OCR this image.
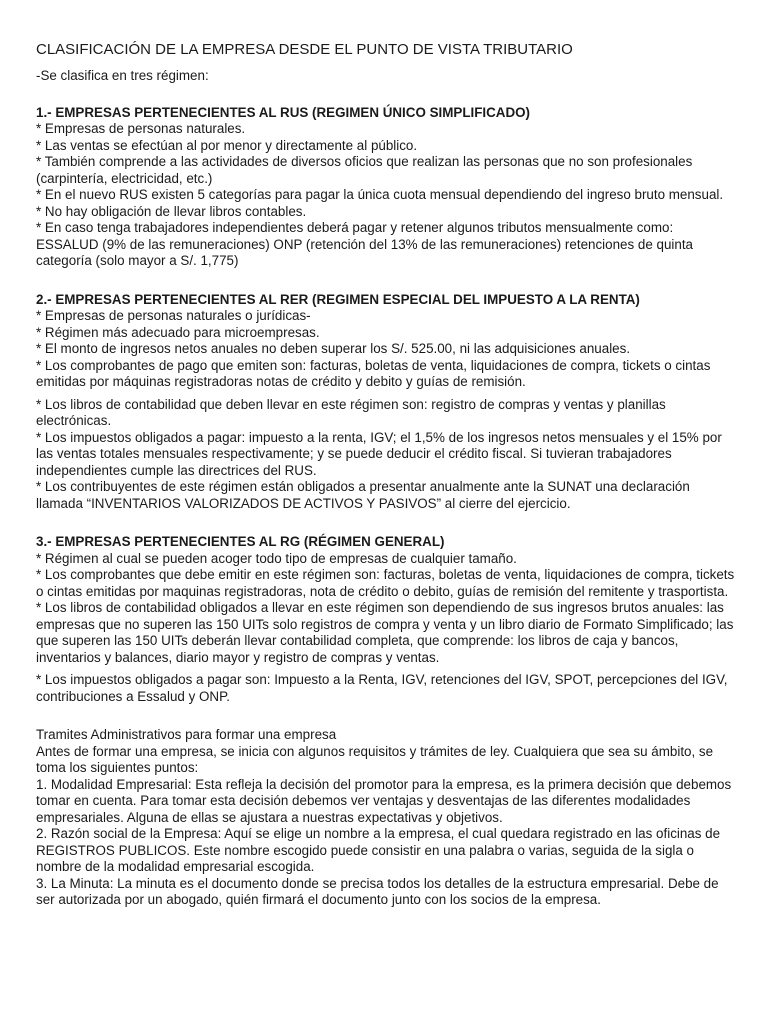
CLASIFICACIÓN DE LA EMPRESA DESDE EL PUNTO DE VISTA TRIBUTARIO

-Se clasifica en tres régimen:

1.- EMPRESAS PERTENECIENTES AL RUS (REGIMEN ÚNICO SIMPLIFICADO)

* Empresas de personas naturales.

* Las ventas se efectúan al por menor y directamente al público.

* También comprende a las actividades de diversos oficios que realizan las personas que no son profesionales (carpintería, electricidad, etc.)

* En el nuevo RUS existen 5 categorías para pagar la única cuota mensual dependiendo del ingreso bruto mensual.

* No hay obligación de llevar libros contables.

* En caso tenga trabajadores independientes deberá pagar y retener algunos tributos mensualmente como: ESSALUD (9% de las remuneraciones) ONP (retención del 13% de las remuneraciones) retenciones de quinta categoría (solo mayor a S/. 1,775)

2.- EMPRESAS PERTENECIENTES AL RER (REGIMEN ESPECIAL DEL IMPUESTO A LA RENTA)

* Empresas de personas naturales o jurídicas-

* Régimen más adecuado para microempresas.

* El monto de ingresos netos anuales no deben superar los S/. 525.00, ni las adquisiciones anuales.

* Los comprobantes de pago que emiten son: facturas, boletas de venta, liquidaciones de compra, tickets o cintas emitidas por máquinas registradoras notas de crédito y debito y guías de remisión.

* Los libros de contabilidad que deben llevar en este régimen son: registro de compras y ventas y planillas electrónicas.

* Los impuestos obligados a pagar: impuesto a la renta, IGV; el 1,5% de los ingresos netos mensuales y el 15% por las ventas totales mensuales respectivamente; y se puede deducir el crédito fiscal. Si tuvieran trabajadores independientes cumple las directrices del RUS.

* Los contribuyentes de este régimen están obligados a presentar anualmente ante la SUNAT una declaración llamada “INVENTARIOS VALORIZADOS DE ACTIVOS Y PASIVOS” al cierre del ejercicio.

3.- EMPRESAS PERTENECIENTES AL RG (RÉGIMEN GENERAL)

* Régimen al cual se pueden acoger todo tipo de empresas de cualquier tamaño.

* Los comprobantes que debe emitir en este régimen son: facturas, boletas de venta, liquidaciones de compra, tickets o cintas emitidas por maquinas registradoras, nota de crédito o debito, guías de remisión del remitente y trasportista.

* Los libros de contabilidad obligados a llevar en este régimen son dependiendo de sus ingresos brutos anuales: las empresas que no superen las 150 UITs solo registros de compra y venta y un libro diario de Formato Simplificado; las que superen las 150 UITs deberán llevar contabilidad completa, que comprende: los libros de caja y bancos, inventarios y balances, diario mayor y registro de compras y ventas.

* Los impuestos obligados a pagar son: Impuesto a la Renta, IGV, retenciones del IGV, SPOT, percepciones del IGV, contribuciones a Essalud y ONP.

Tramites Administrativos para formar una empresa

Antes de formar una empresa, se inicia con algunos requisitos y trámites de ley. Cualquiera que sea su ámbito, se toma los siguientes puntos:

1. Modalidad Empresarial: Esta refleja la decisión del promotor para la empresa, es la primera decisión que debemos tomar en cuenta. Para tomar esta decisión debemos ver ventajas y desventajas de las diferentes modalidades empresariales. Alguna de ellas se ajustara a nuestras expectativas y objetivos.

2. Razón social de la Empresa: Aquí se elige un nombre a la empresa, el cual quedara registrado en las oficinas de REGISTROS PUBLICOS. Este nombre escogido puede consistir en una palabra o varias, seguida de la sigla o nombre de la modalidad empresarial escogida.

3. La Minuta: La minuta es el documento donde se precisa todos los detalles de la estructura empresarial. Debe de ser autorizada por un abogado, quién firmará el documento junto con los socios de la empresa.
